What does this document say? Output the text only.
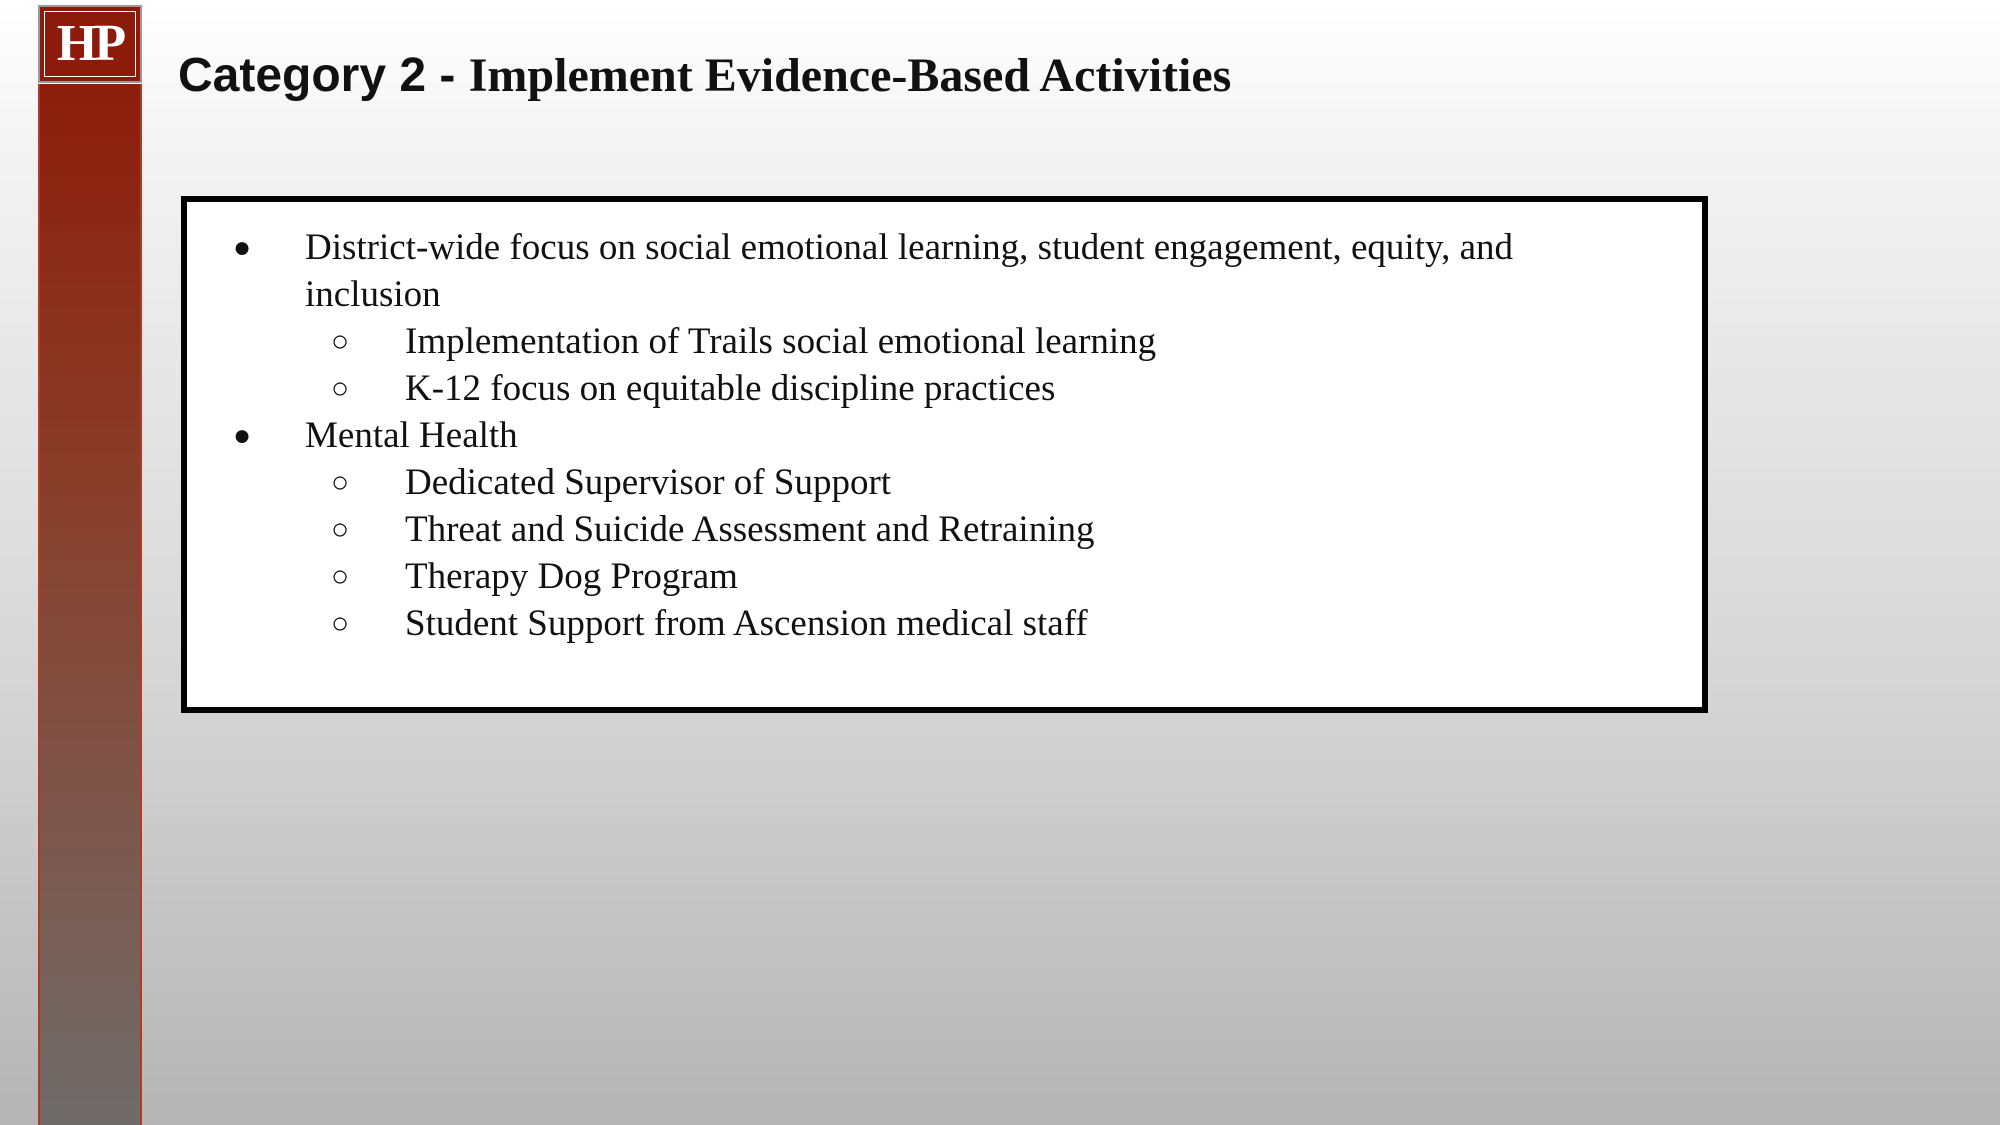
HP
Category 2 - Implement Evidence-Based Activities
● District-wide focus on social emotional learning, student engagement, equity, and inclusion
○ Implementation of Trails social emotional learning
○ K-12 focus on equitable discipline practices
● Mental Health
○ Dedicated Supervisor of Support
○ Threat and Suicide Assessment and Retraining
○ Therapy Dog Program
○ Student Support from Ascension medical staff
